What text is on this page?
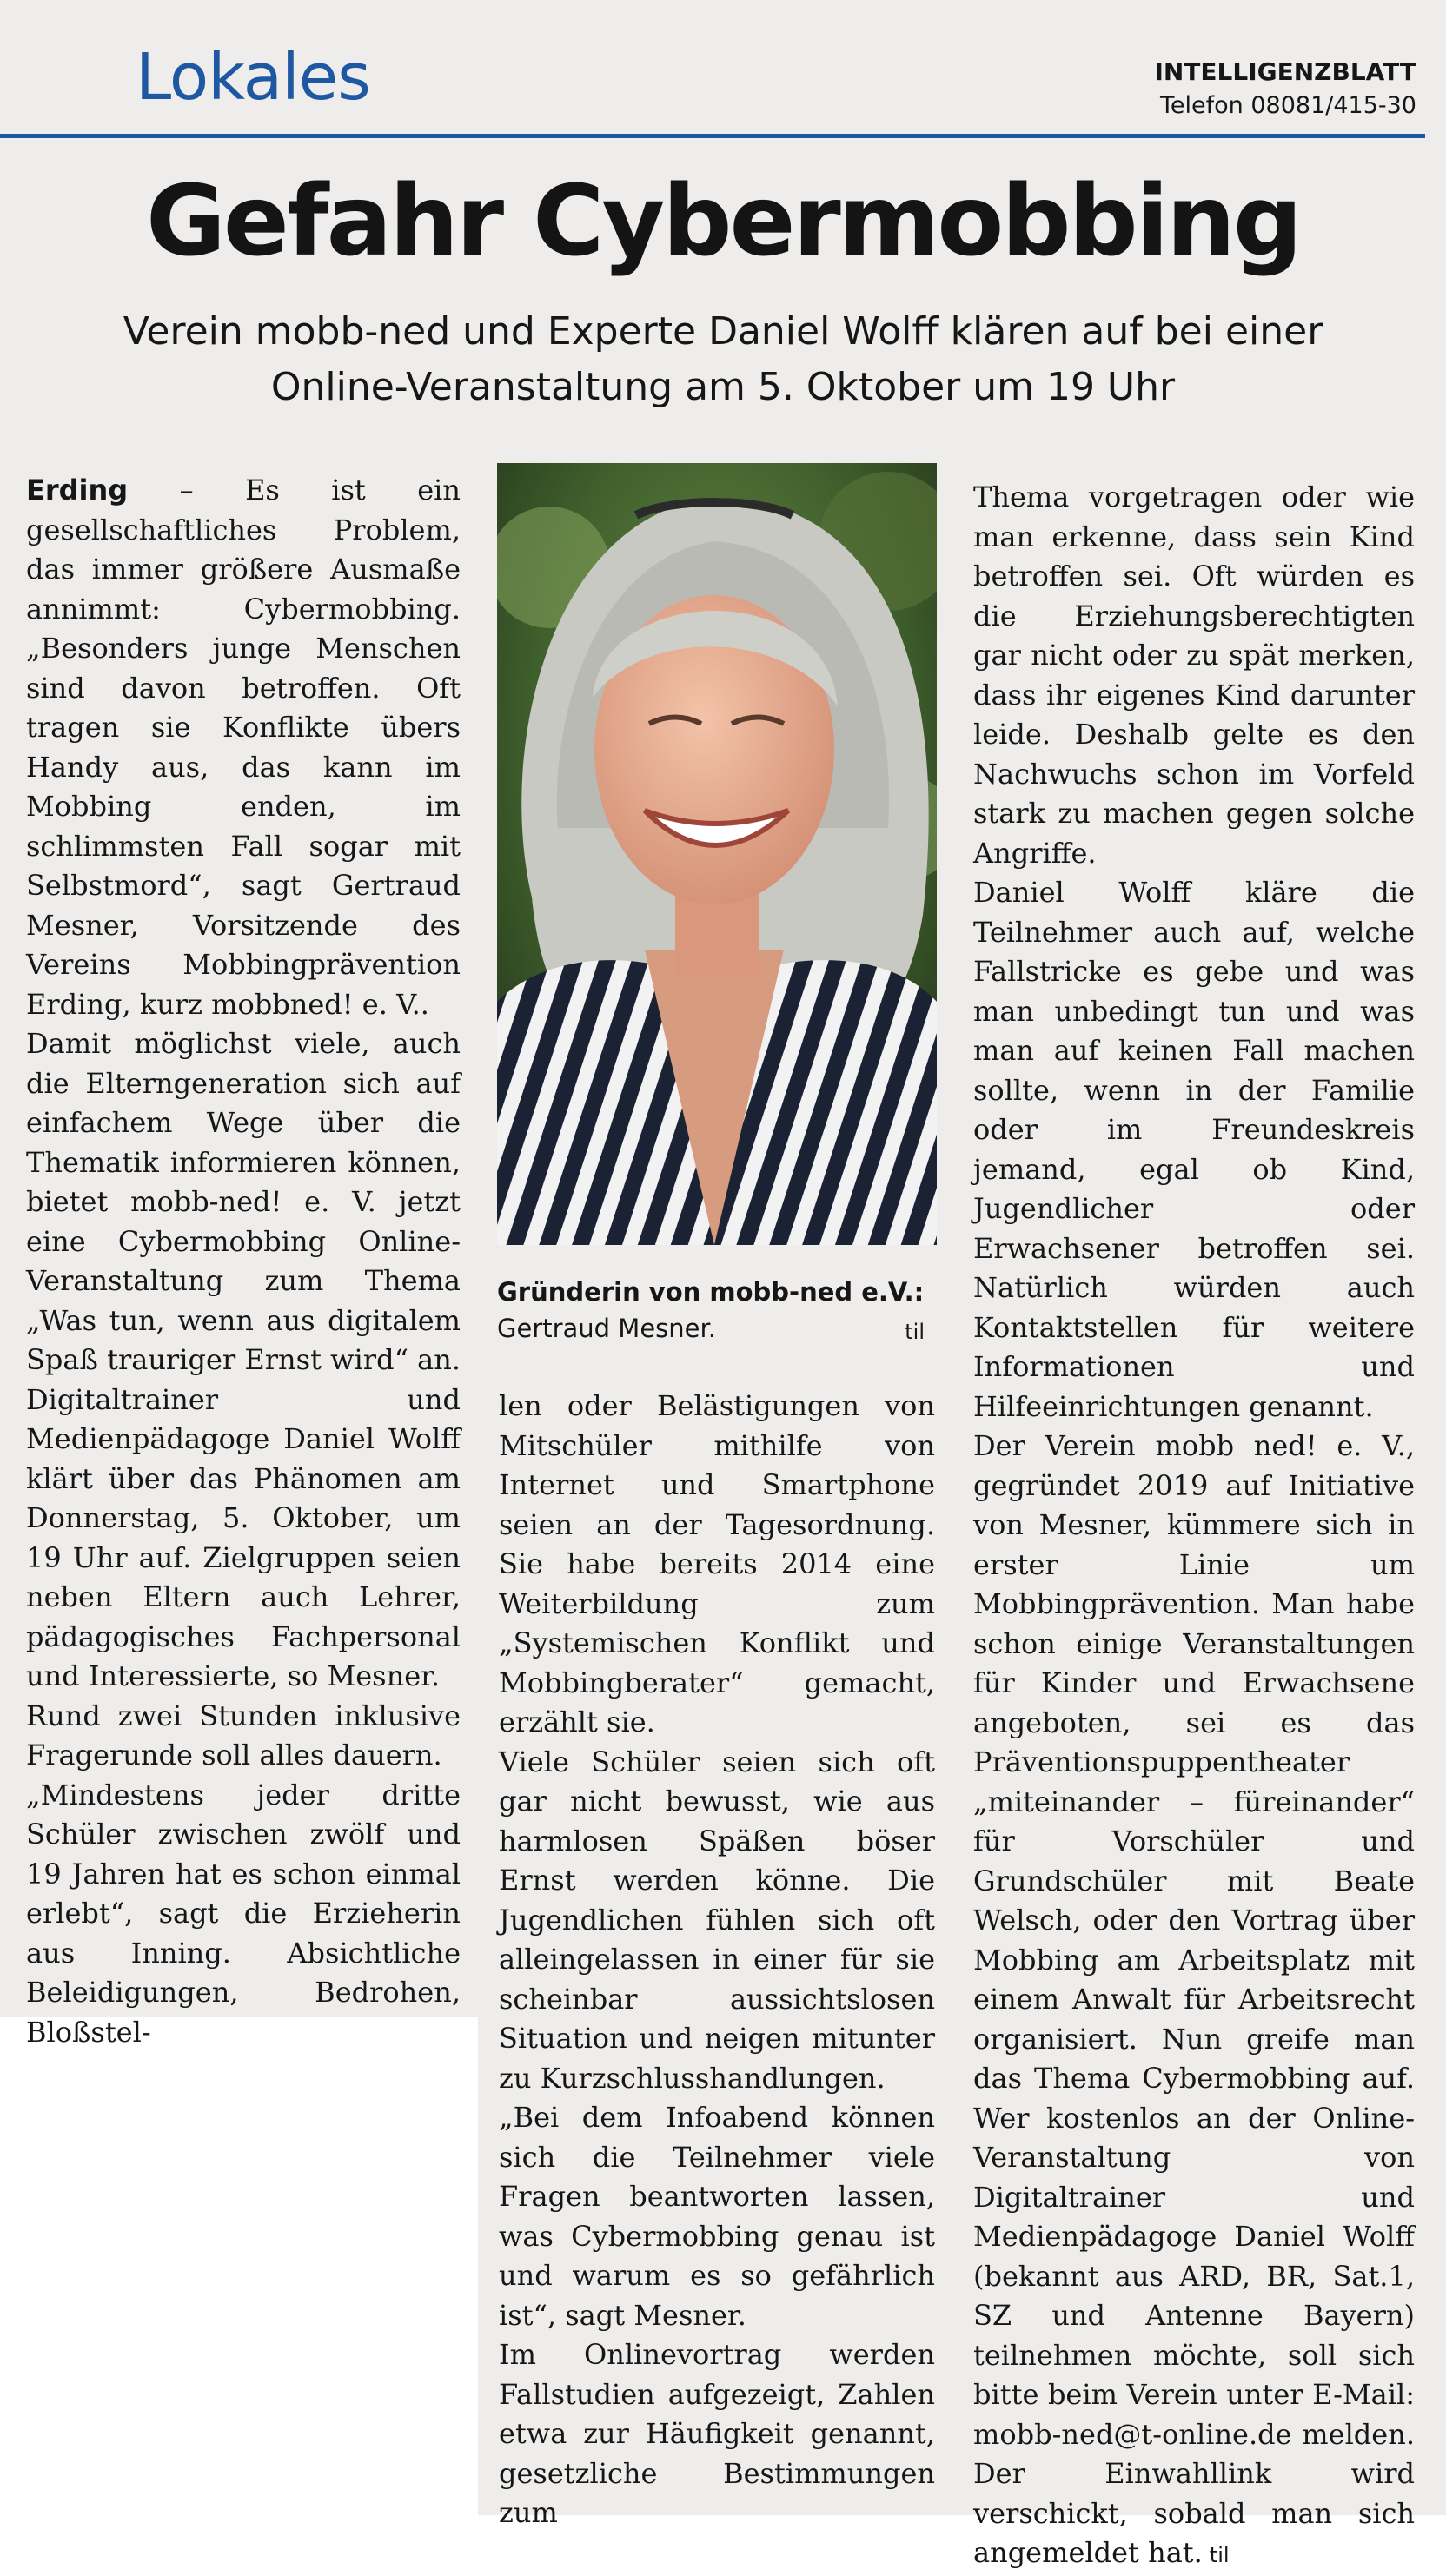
Lokales	INTELLIGENZBLATT
Telefon 08081/415-30
Gefahr Cybermobbing
Verein mobb-ned und Experte Daniel Wolff klären auf bei einer
Online-Veranstaltung am 5. Oktober um 19 Uhr

Erding – Es ist ein gesellschaftliches Problem, das immer größere Ausmaße annimmt: Cybermobbing. „Besonders junge Menschen sind davon betroffen. Oft tragen sie Konflikte übers Handy aus, das kann im Mobbing enden, im schlimmsten Fall sogar mit Selbstmord“, sagt Gertraud Mesner, Vorsitzende des Vereins Mobbingprävention Erding, kurz mobbned! e. V..

Damit möglichst viele, auch die Elterngeneration sich auf einfachem Wege über die Thematik informieren können, bietet mobb-ned! e. V. jetzt eine Cybermobbing Online-Veranstaltung zum Thema „Was tun, wenn aus digitalem Spaß trauriger Ernst wird“ an. Digitaltrainer und Medienpädagoge Daniel Wolff klärt über das Phänomen am Donnerstag, 5. Oktober, um 19 Uhr auf. Zielgruppen seien neben Eltern auch Lehrer, pädagogisches Fachpersonal und Interessierte, so Mesner.

Rund zwei Stunden inklusive Fragerunde soll alles dauern.

„Mindestens jeder dritte Schüler zwischen zwölf und 19 Jahren hat es schon einmal erlebt“, sagt die Erzieherin aus Inning. Absichtliche Beleidigungen, Bedrohen, Bloßstel-

Gründerin von mobb-ned e.V.:
Gertraud Mesner.	til

len oder Belästigungen von Mitschüler mithilfe von Internet und Smartphone seien an der Tagesordnung. Sie habe bereits 2014 eine Weiterbildung zum „Systemischen Konflikt und Mobbingberater“ gemacht, erzählt sie.

Viele Schüler seien sich oft gar nicht bewusst, wie aus harmlosen Späßen böser Ernst werden könne. Die Jugendlichen fühlen sich oft alleingelassen in einer für sie scheinbar aussichtslosen Situation und neigen mitunter zu Kurzschlusshandlungen.

„Bei dem Infoabend können sich die Teilnehmer viele Fragen beantworten lassen, was Cybermobbing genau ist und warum es so gefährlich ist“, sagt Mesner.

Im Onlinevortrag werden Fallstudien aufgezeigt, Zahlen etwa zur Häufigkeit genannt, gesetzliche Bestimmungen zum

Thema vorgetragen oder wie man erkenne, dass sein Kind betroffen sei. Oft würden es die Erziehungsberechtigten gar nicht oder zu spät merken, dass ihr eigenes Kind darunter leide. Deshalb gelte es den Nachwuchs schon im Vorfeld stark zu machen gegen solche Angriffe.

Daniel Wolff kläre die Teilnehmer auch auf, welche Fallstricke es gebe und was man unbedingt tun und was man auf keinen Fall machen sollte, wenn in der Familie oder im Freundeskreis jemand, egal ob Kind, Jugendlicher oder Erwachsener betroffen sei. Natürlich würden auch Kontaktstellen für weitere Informationen und Hilfeeinrichtungen genannt.

Der Verein mobb ned! e. V., gegründet 2019 auf Initiative von Mesner, kümmere sich in erster Linie um Mobbingprävention. Man habe schon einige Veranstaltungen für Kinder und Erwachsene angeboten, sei es das Präventionspuppentheater „miteinander – füreinander“ für Vorschüler und Grundschüler mit Beate Welsch, oder den Vortrag über Mobbing am Arbeitsplatz mit einem Anwalt für Arbeitsrecht organisiert. Nun greife man das Thema Cybermobbing auf. Wer kostenlos an der Online-Veranstaltung von Digitaltrainer und Medienpädagoge Daniel Wolff (bekannt aus ARD, BR, Sat.1, SZ und Antenne Bayern) teilnehmen möchte, soll sich bitte beim Verein unter E-Mail: mobb-ned@t-online.de melden. Der Einwahllink wird verschickt, sobald man sich angemeldet hat. til
